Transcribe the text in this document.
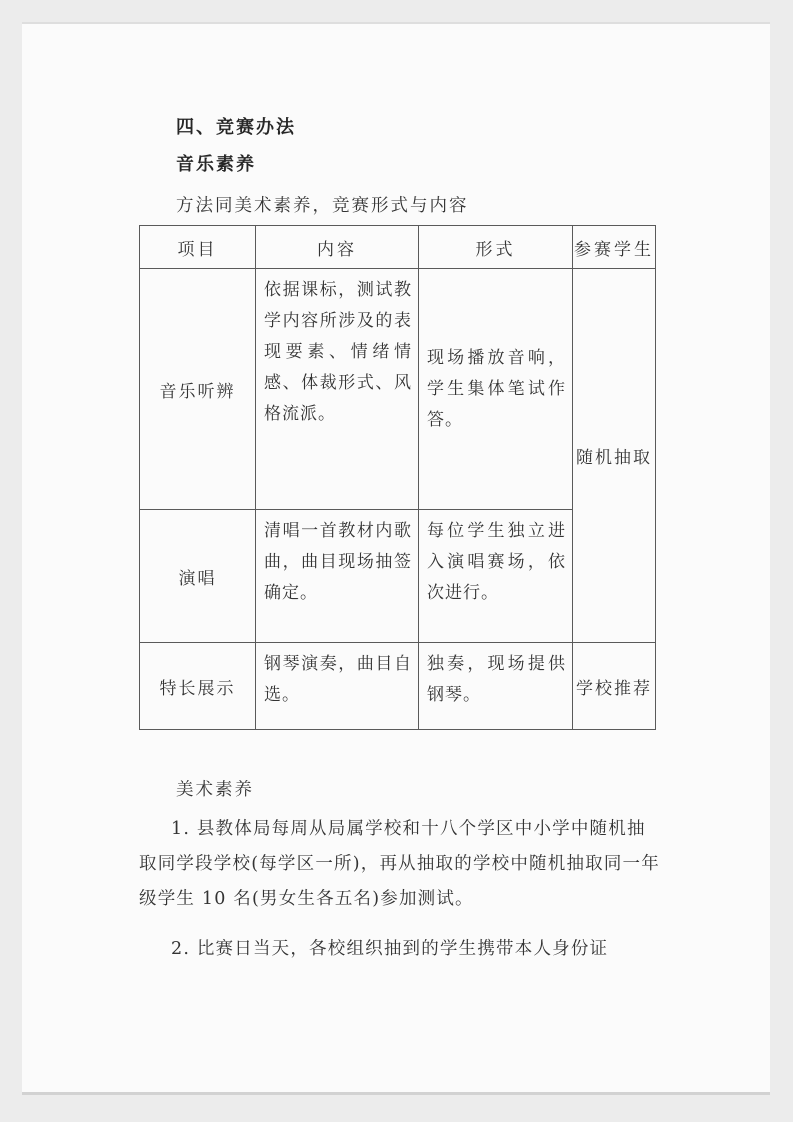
四、竞赛办法
音乐素养
方法同美术素养，竞赛形式与内容
项目	内容	形式	参赛学生
音乐听辨	依据课标，测试教学内容所涉及的表现要素、情绪情感、体裁形式、风格流派。	现场播放音响，学生集体笔试作答。	随机抽取
演唱	清唱一首教材内歌曲，曲目现场抽签确定。	每位学生独立进入演唱赛场，依次进行。	
特长展示	钢琴演奏，曲目自选。	独奏，现场提供钢琴。	学校推荐
美术素养
1. 县教体局每周从局属学校和十八个学区中小学中随机抽取同学段学校(每学区一所)，再从抽取的学校中随机抽取同一年级学生 10 名(男女生各五名)参加测试。
2. 比赛日当天，各校组织抽到的学生携带本人身份证
